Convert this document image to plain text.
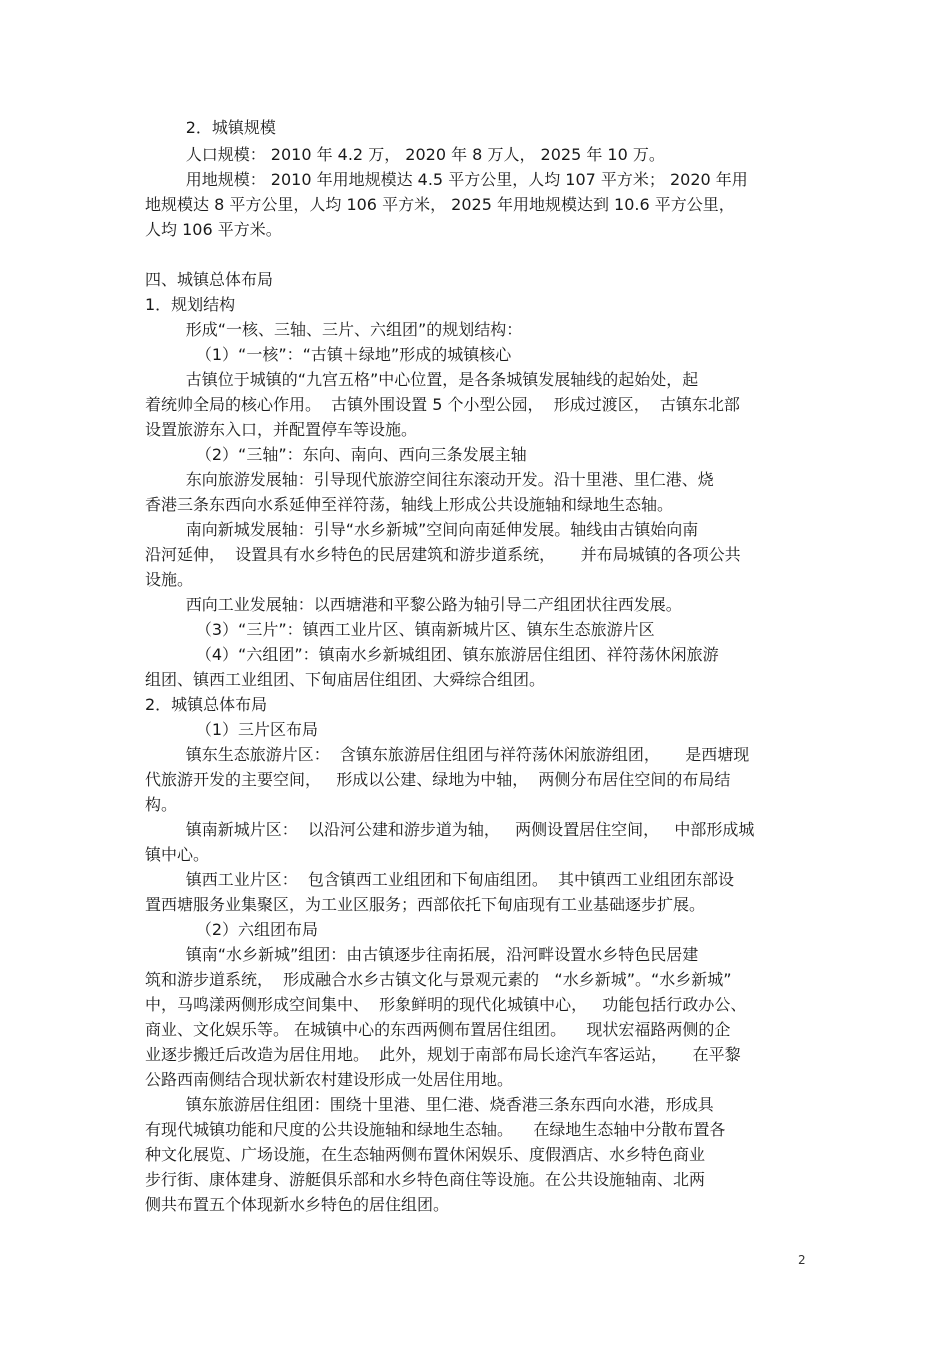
2．城镇规模
人口规模： 2010 年 4.2 万， 2020 年 8 万人， 2025 年 10 万。
用地规模： 2010 年用地规模达 4.5 平方公里，人均 107 平方米； 2020 年用
地规模达 8 平方公里，人均 106 平方米， 2025 年用地规模达到 10.6 平方公里，
人均 106 平方米。
四、城镇总体布局
1．规划结构
形成“一核、三轴、三片、六组团”的规划结构：
（1）“一核”：“古镇＋绿地”形成的城镇核心
古镇位于城镇的“九宫五格”中心位置，是各条城镇发展轴线的起始处，起
着统帅全局的核心作用。  古镇外围设置 5 个小型公园，  形成过渡区，  古镇东北部
设置旅游东入口，并配置停车等设施。
（2）“三轴”：东向、南向、西向三条发展主轴
东向旅游发展轴：引导现代旅游空间往东滚动开发。沿十里港、里仁港、烧
香港三条东西向水系延伸至祥符荡，轴线上形成公共设施轴和绿地生态轴。
南向新城发展轴：引导“水乡新城”空间向南延伸发展。轴线由古镇始向南
沿河延伸，  设置具有水乡特色的民居建筑和游步道系统，     并布局城镇的各项公共
设施。
西向工业发展轴：以西塘港和平黎公路为轴引导二产组团状往西发展。
（3）“三片”：镇西工业片区、镇南新城片区、镇东生态旅游片区
（4）“六组团”：镇南水乡新城组团、镇东旅游居住组团、祥符荡休闲旅游
组团、镇西工业组团、下甸庙居住组团、大舜综合组团。
2．城镇总体布局
（1）三片区布局
镇东生态旅游片区：  含镇东旅游居住组团与祥符荡休闲旅游组团，     是西塘现
代旅游开发的主要空间，   形成以公建、绿地为中轴，  两侧分布居住空间的布局结
构。
镇南新城片区：  以沿河公建和游步道为轴，   两侧设置居住空间，   中部形成城
镇中心。
镇西工业片区：  包含镇西工业组团和下甸庙组团。  其中镇西工业组团东部设
置西塘服务业集聚区，为工业区服务；西部依托下甸庙现有工业基础逐步扩展。
（2）六组团布局
镇南“水乡新城”组团：由古镇逐步往南拓展，沿河畔设置水乡特色民居建
筑和游步道系统，  形成融合水乡古镇文化与景观元素的   “水乡新城”。“水乡新城”
中，马鸣漾两侧形成空间集中、  形象鲜明的现代化城镇中心，   功能包括行政办公、
商业、文化娱乐等。 在城镇中心的东西两侧布置居住组团。    现状宏福路两侧的企
业逐步搬迁后改造为居住用地。  此外，规划于南部布局长途汽车客运站，     在平黎
公路西南侧结合现状新农村建设形成一处居住用地。
镇东旅游居住组团：围绕十里港、里仁港、烧香港三条东西向水港，形成具
有现代城镇功能和尺度的公共设施轴和绿地生态轴。    在绿地生态轴中分散布置各
种文化展览、广场设施，在生态轴两侧布置休闲娱乐、度假酒店、水乡特色商业
步行街、康体建身、游艇俱乐部和水乡特色商住等设施。在公共设施轴南、北两
侧共布置五个体现新水乡特色的居住组团。
2
